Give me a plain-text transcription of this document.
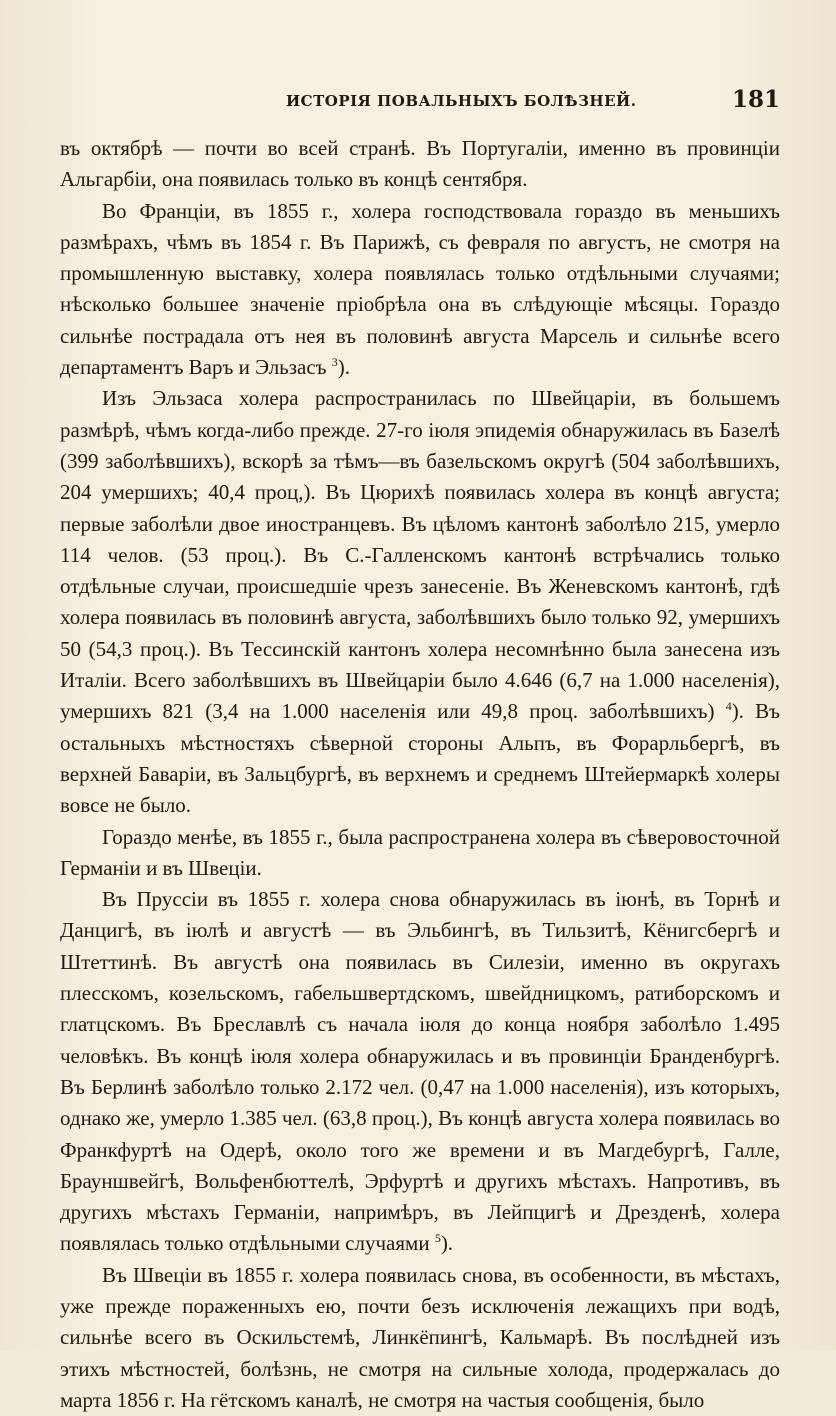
ИСТОРІЯ ПОВАЛЬНЫХЪ БОЛѢЗНЕЙ.	181

въ октябрѣ — почти во всей странѣ. Въ Португаліи, именно въ провинціи Альгарбіи, она появилась только въ концѣ сентября.

Во Франціи, въ 1855 г., холера господствовала гораздо въ меньшихъ размѣрахъ, чѣмъ въ 1854 г. Въ Парижѣ, съ февраля по августъ, не смотря на промышленную выставку, холера появлялась только отдѣльными случаями; нѣсколько большее значеніе пріобрѣла она въ слѣдующіе мѣсяцы. Гораздо сильнѣе пострадала отъ нея въ половинѣ августа Марсель и сильнѣе всего департаментъ Варъ и Эльзасъ $^3$).

Изъ Эльзаса холера распространилась по Швейцаріи, въ большемъ размѣрѣ, чѣмъ когда-либо прежде. 27-го іюля эпидемія обнаружилась въ Базелѣ (399 заболѣвшихъ), вскорѣ за тѣмъ—въ базельскомъ округѣ (504 заболѣвшихъ, 204 умершихъ; 40,4 проц,). Въ Цюрихѣ появилась холера въ концѣ августа; первые заболѣли двое иностранцевъ. Въ цѣломъ кантонѣ заболѣло 215, умерло 114 челов. (53 проц.). Въ С.-Галленскомъ кантонѣ встрѣчались только отдѣльные случаи, происшедшіе чрезъ занесеніе. Въ Женевскомъ кантонѣ, гдѣ холера появилась въ половинѣ августа, заболѣвшихъ было только 92, умершихъ 50 (54,3 проц.). Въ Тессинскій кантонъ холера несомнѣнно была занесена изъ Италіи. Всего заболѣвшихъ въ Швейцаріи было 4.646 (6,7 на 1.000 населенія), умершихъ 821 (3,4 на 1.000 населенія или 49,8 проц. заболѣвшихъ) $^4$). Въ остальныхъ мѣстностяхъ сѣверной стороны Альпъ, въ Форарльбергѣ, въ верхней Баваріи, въ Зальцбургѣ, въ верхнемъ и среднемъ Штейермаркѣ холеры вовсе не было.

Гораздо менѣе, въ 1855 г., была распространена холера въ сѣверовосточной Германіи и въ Швеціи.

Въ Пруссіи въ 1855 г. холера снова обнаружилась въ іюнѣ, въ Торнѣ и Данцигѣ, въ іюлѣ и августѣ — въ Эльбингѣ, въ Тильзитѣ, Кёнигсбергѣ и Штеттинѣ. Въ августѣ она появилась въ Силезіи, именно въ округахъ плесскомъ, козельскомъ, габельшвертдскомъ, швейдницкомъ, ратиборскомъ и глатцскомъ. Въ Бреславлѣ съ начала іюля до конца ноября заболѣло 1.495 человѣкъ. Въ концѣ іюля холера обнаружилась и въ провинціи Бранденбургѣ. Въ Берлинѣ заболѣло только 2.172 чел. (0,47 на 1.000 населенія), изъ которыхъ, однако же, умерло 1.385 чел. (63,8 проц.), Въ концѣ августа холера появилась во Франкфуртѣ на Одерѣ, около того же времени и въ Магдебургѣ, Галле, Брауншвейгѣ, Вольфенбюттелѣ, Эрфуртѣ и другихъ мѣстахъ. Напротивъ, въ другихъ мѣстахъ Германіи, напримѣръ, въ Лейпцигѣ и Дрезденѣ, холера появлялась только отдѣльными случаями $^5$).

Въ Швеціи въ 1855 г. холера появилась снова, въ особенности, въ мѣстахъ, уже прежде пораженныхъ ею, почти безъ исключенія лежащихъ при водѣ, сильнѣе всего въ Оскильстемѣ, Линкёпингѣ, Кальмарѣ. Въ послѣдней изъ этихъ мѣстностей, болѣзнь, не смотря на сильные холода, продержалась до марта 1856 г. На гётскомъ каналѣ, не смотря на частыя сообщенія, было
